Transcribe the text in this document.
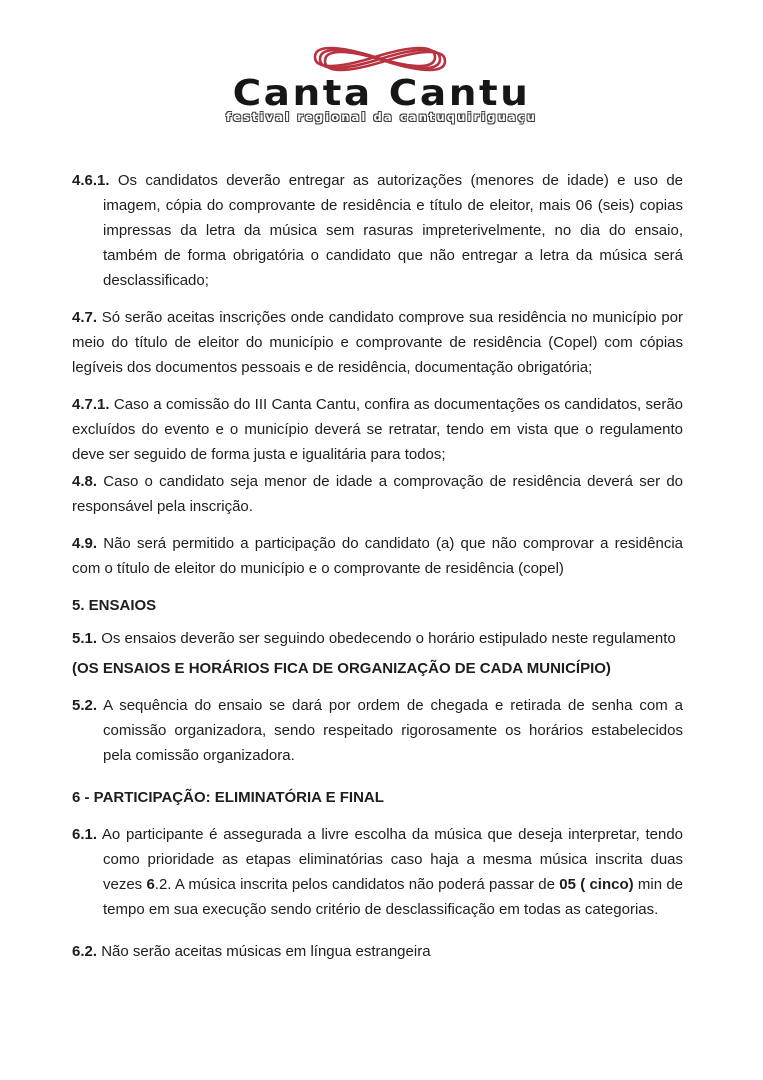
Canta Cantu
festival regional da cantuquiriguaçu

4.6.1. Os candidatos deverão entregar as autorizações (menores de idade) e uso de imagem, cópia do comprovante de residência e título de eleitor, mais 06 (seis) copias impressas da letra da música sem rasuras impreterivelmente, no dia do ensaio, também de forma obrigatória o candidato que não entregar a letra da música será desclassificado;

4.7. Só serão aceitas inscrições onde candidato comprove sua residência no município por meio do título de eleitor do município e comprovante de residência (Copel) com cópias legíveis dos documentos pessoais e de residência, documentação obrigatória;

4.7.1. Caso a comissão do III Canta Cantu, confira as documentações os candidatos, serão excluídos do evento e o município deverá se retratar, tendo em vista que o regulamento deve ser seguido de forma justa e igualitária para todos;

4.8. Caso o candidato seja menor de idade a comprovação de residência deverá ser do responsável pela inscrição.

4.9. Não será permitido a participação do candidato (a) que não comprovar a residência com o título de eleitor do município e o comprovante de residência (copel)

5. ENSAIOS

5.1. Os ensaios deverão ser seguindo obedecendo o horário estipulado neste regulamento

(OS ENSAIOS E HORÁRIOS FICA DE ORGANIZAÇÃO DE CADA MUNICÍPIO)

5.2. A sequência do ensaio se dará por ordem de chegada e retirada de senha com a comissão organizadora, sendo respeitado rigorosamente os horários estabelecidos pela comissão organizadora.

6 - PARTICIPAÇÃO: ELIMINATÓRIA E FINAL

6.1. Ao participante é assegurada a livre escolha da música que deseja interpretar, tendo como prioridade as etapas eliminatórias caso haja a mesma música inscrita duas vezes 6.2. A música inscrita pelos candidatos não poderá passar de 05 ( cinco) min de tempo em sua execução sendo critério de desclassificação em todas as categorias.

6.2. Não serão aceitas músicas em língua estrangeira
